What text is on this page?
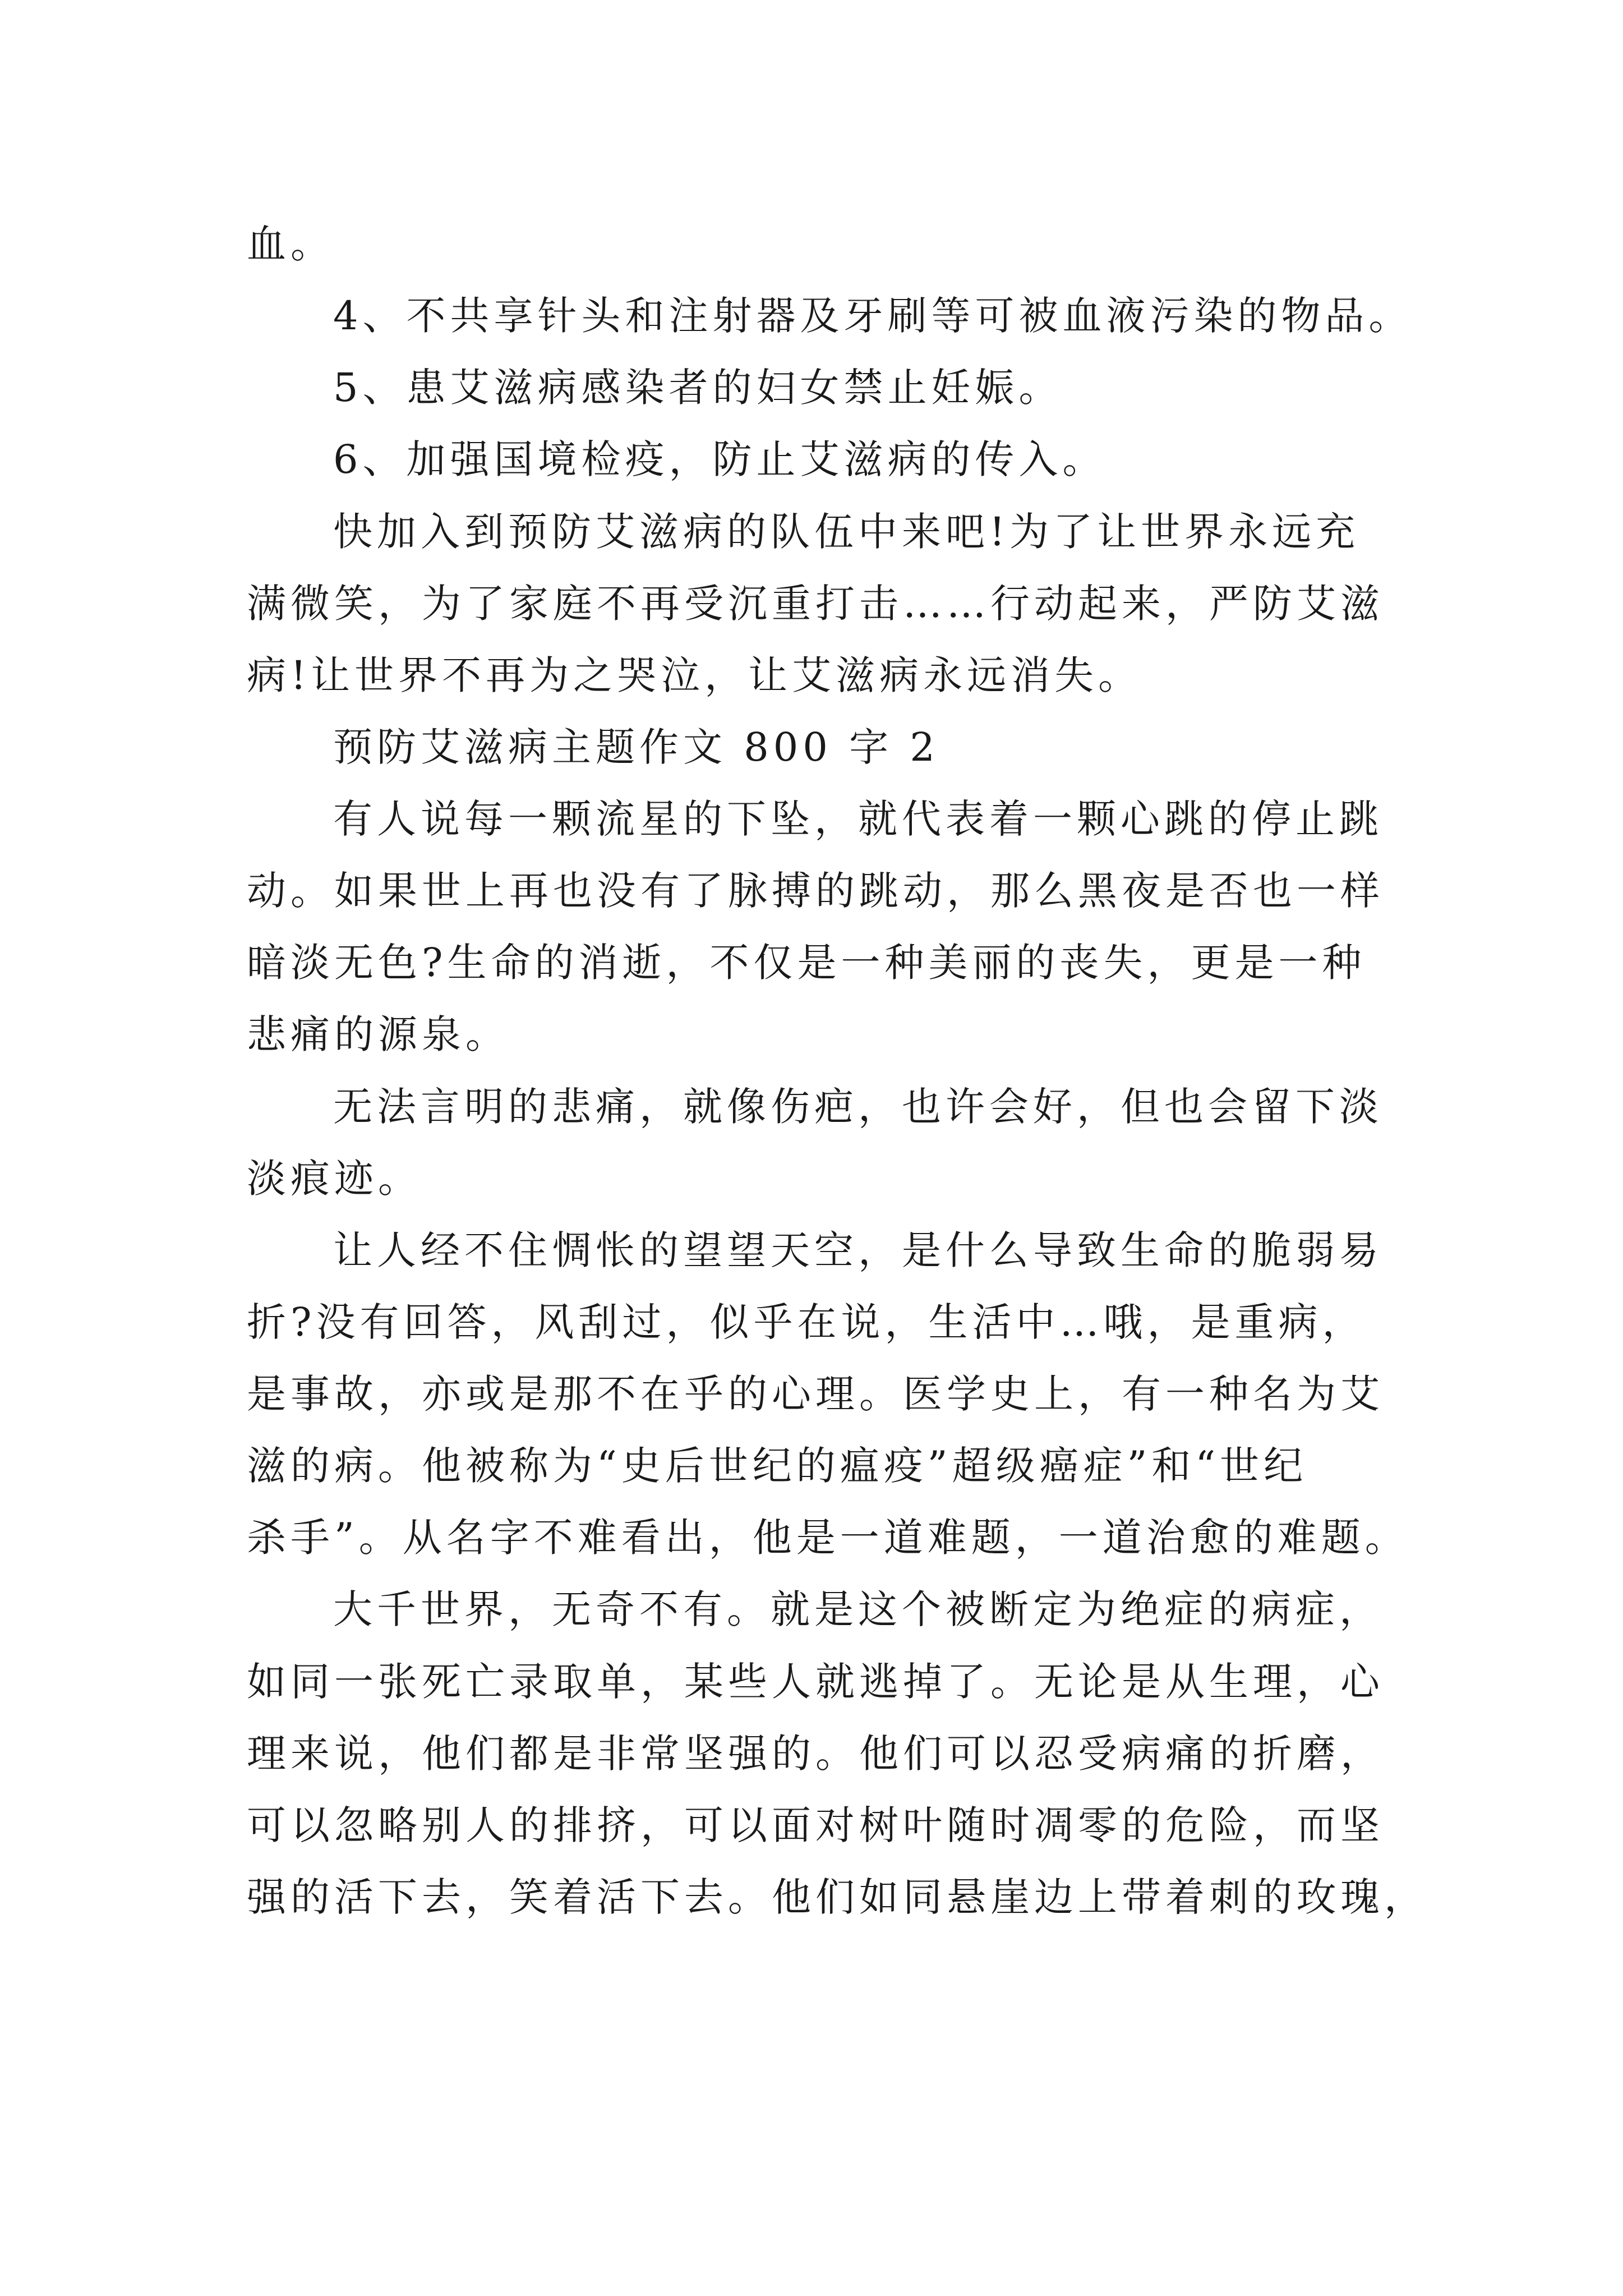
血。
4、不共享针头和注射器及牙刷等可被血液污染的物品。
5、患艾滋病感染者的妇女禁止妊娠。
6、加强国境检疫，防止艾滋病的传入。
快加入到预防艾滋病的队伍中来吧!为了让世界永远充
满微笑，为了家庭不再受沉重打击……行动起来，严防艾滋
病!让世界不再为之哭泣，让艾滋病永远消失。
预防艾滋病主题作文 800 字 2
有人说每一颗流星的下坠，就代表着一颗心跳的停止跳
动。如果世上再也没有了脉搏的跳动，那么黑夜是否也一样
暗淡无色?生命的消逝，不仅是一种美丽的丧失，更是一种
悲痛的源泉。
无法言明的悲痛，就像伤疤，也许会好，但也会留下淡
淡痕迹。
让人经不住惆怅的望望天空，是什么导致生命的脆弱易
折?没有回答，风刮过，似乎在说，生活中…哦，是重病，
是事故，亦或是那不在乎的心理。医学史上，有一种名为艾
滋的病。他被称为“史后世纪的瘟疫”超级癌症”和“世纪
杀手”。从名字不难看出，他是一道难题，一道治愈的难题。
大千世界，无奇不有。就是这个被断定为绝症的病症，
如同一张死亡录取单，某些人就逃掉了。无论是从生理，心
理来说，他们都是非常坚强的。他们可以忍受病痛的折磨，
可以忽略别人的排挤，可以面对树叶随时凋零的危险，而坚
强的活下去，笑着活下去。他们如同悬崖边上带着刺的玫瑰，
